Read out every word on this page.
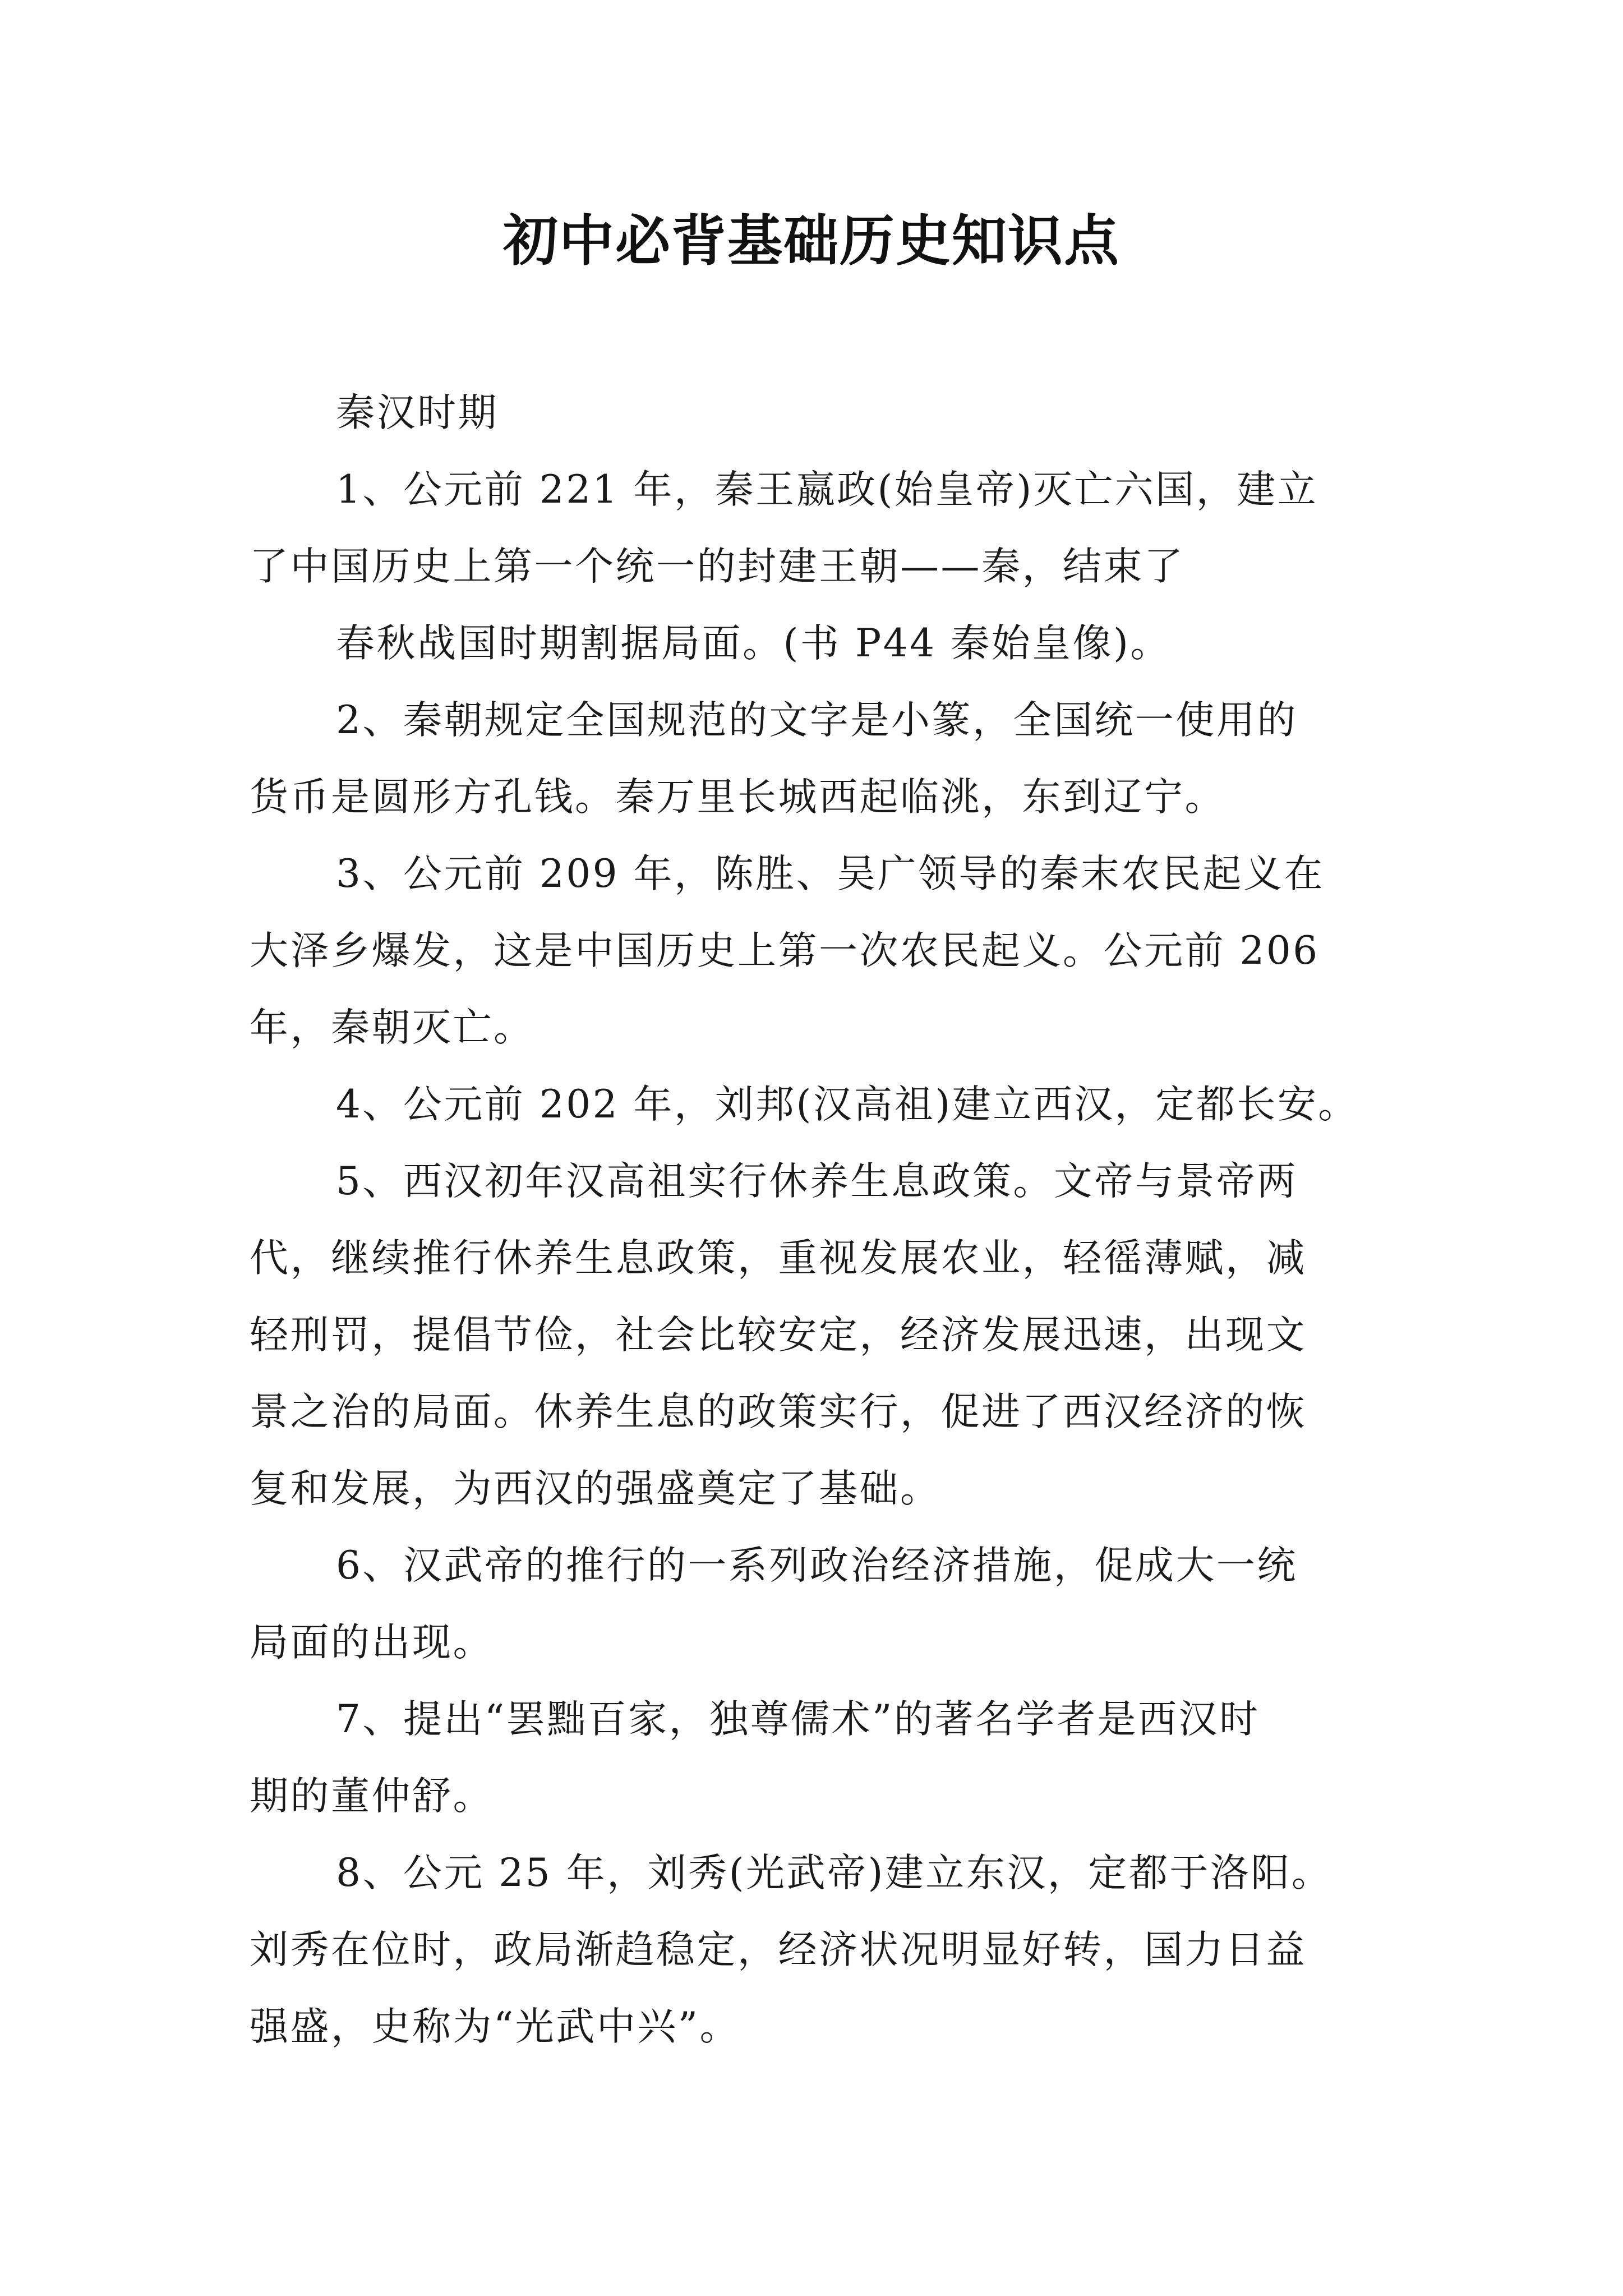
初中必背基础历史知识点
秦汉时期
1、公元前 221 年，秦王嬴政(始皇帝)灭亡六国，建立
了中国历史上第一个统一的封建王朝——秦，结束了
春秋战国时期割据局面。(书 P44 秦始皇像)。
2、秦朝规定全国规范的文字是小篆，全国统一使用的
货币是圆形方孔钱。秦万里长城西起临洮，东到辽宁。
3、公元前 209 年，陈胜、吴广领导的秦末农民起义在
大泽乡爆发，这是中国历史上第一次农民起义。公元前 206
年，秦朝灭亡。
4、公元前 202 年，刘邦(汉高祖)建立西汉，定都长安。
5、西汉初年汉高祖实行休养生息政策。文帝与景帝两
代，继续推行休养生息政策，重视发展农业，轻徭薄赋，减
轻刑罚，提倡节俭，社会比较安定，经济发展迅速，出现文
景之治的局面。休养生息的政策实行，促进了西汉经济的恢
复和发展，为西汉的强盛奠定了基础。
6、汉武帝的推行的一系列政治经济措施，促成大一统
局面的出现。
7、提出“罢黜百家，独尊儒术”的著名学者是西汉时
期的董仲舒。
8、公元 25 年，刘秀(光武帝)建立东汉，定都于洛阳。
刘秀在位时，政局渐趋稳定，经济状况明显好转，国力日益
强盛，史称为“光武中兴”。
